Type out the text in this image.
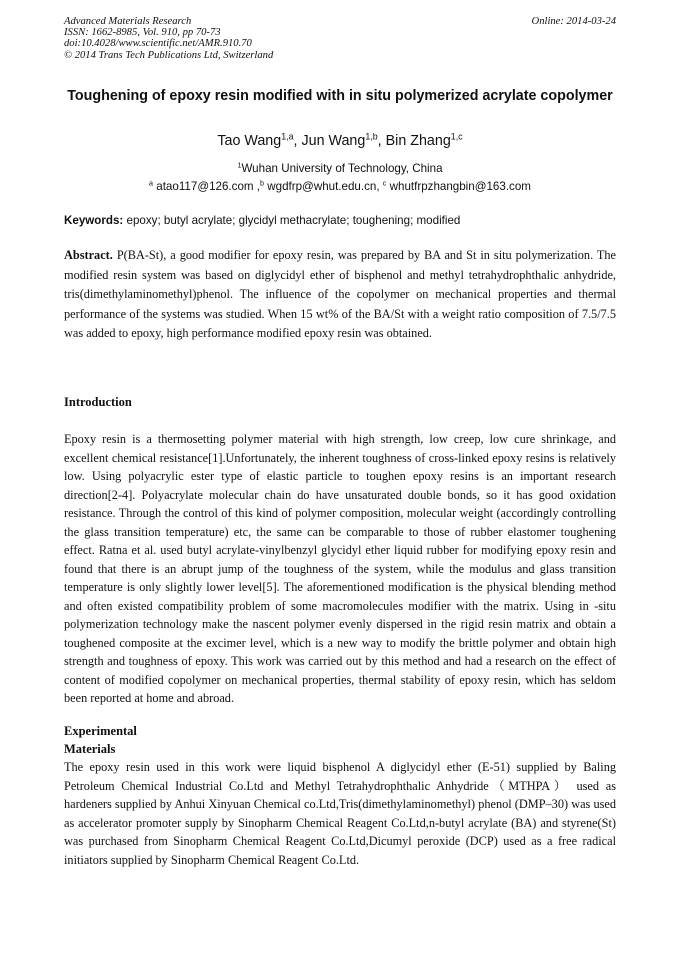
Advanced Materials Research
ISSN: 1662-8985, Vol. 910, pp 70-73
doi:10.4028/www.scientific.net/AMR.910.70
© 2014 Trans Tech Publications Ltd, Switzerland
Online: 2014-03-24
Toughening of epoxy resin modified with in situ polymerized acrylate copolymer
Tao Wang$^{1,a}$, Jun Wang$^{1,b}$, Bin Zhang$^{1,c}$
$^1$Wuhan University of Technology, China
$^a$ atao117@126.com ,$^b$ wgdfrp@whut.edu.cn, $^c$ whutfrpzhangbin@163.com
Keywords: epoxy; butyl acrylate; glycidyl methacrylate; toughening; modified

Abstract. P(BA-St), a good modifier for epoxy resin, was prepared by BA and St in situ polymerization. The modified resin system was based on diglycidyl ether of bisphenol and methyl tetrahydrophthalic anhydride, tris(dimethylaminomethyl)phenol. The influence of the copolymer on mechanical properties and thermal performance of the systems was studied. When 15 wt% of the BA/St with a weight ratio composition of 7.5/7.5 was added to epoxy, high performance modified epoxy resin was obtained.

Introduction

Epoxy resin is a thermosetting polymer material with high strength, low creep, low cure shrinkage, and excellent chemical resistance[1].Unfortunately, the inherent toughness of cross-linked epoxy resins is relatively low. Using polyacrylic ester type of elastic particle to toughen epoxy resins is an important research direction[2-4]. Polyacrylate molecular chain do have unsaturated double bonds, so it has good oxidation resistance. Through the control of this kind of polymer composition, molecular weight (accordingly controlling the glass transition temperature) etc, the same can be comparable to those of rubber elastomer toughening effect. Ratna et al. used butyl acrylate-vinylbenzyl glycidyl ether liquid rubber for modifying epoxy resin and found that there is an abrupt jump of the toughness of the system, while the modulus and glass transition temperature is only slightly lower level[5]. The aforementioned modification is the physical blending method and often existed compatibility problem of some macromolecules modifier with the matrix. Using in -situ polymerization technology make the nascent polymer evenly dispersed in the rigid resin matrix and obtain a toughened composite at the excimer level, which is a new way to modify the brittle polymer and obtain high strength and toughness of epoxy. This work was carried out by this method and had a research on the effect of content of modified copolymer on mechanical properties, thermal stability of epoxy resin, which has seldom been reported at home and abroad.

Experimental
Materials

The epoxy resin used in this work were liquid bisphenol A diglycidyl ether (E-51) supplied by Baling Petroleum Chemical Industrial Co.Ltd and Methyl Tetrahydrophthalic Anhydride（MTHPA） used as hardeners supplied by Anhui Xinyuan Chemical co.Ltd,Tris(dimethylaminomethyl) phenol (DMP–30) was used as accelerator promoter supply by Sinopharm Chemical Reagent Co.Ltd,n-butyl acrylate (BA) and styrene(St) was purchased from Sinopharm Chemical Reagent Co.Ltd,Dicumyl peroxide (DCP) used as a free radical initiators supplied by Sinopharm Chemical Reagent Co.Ltd.
